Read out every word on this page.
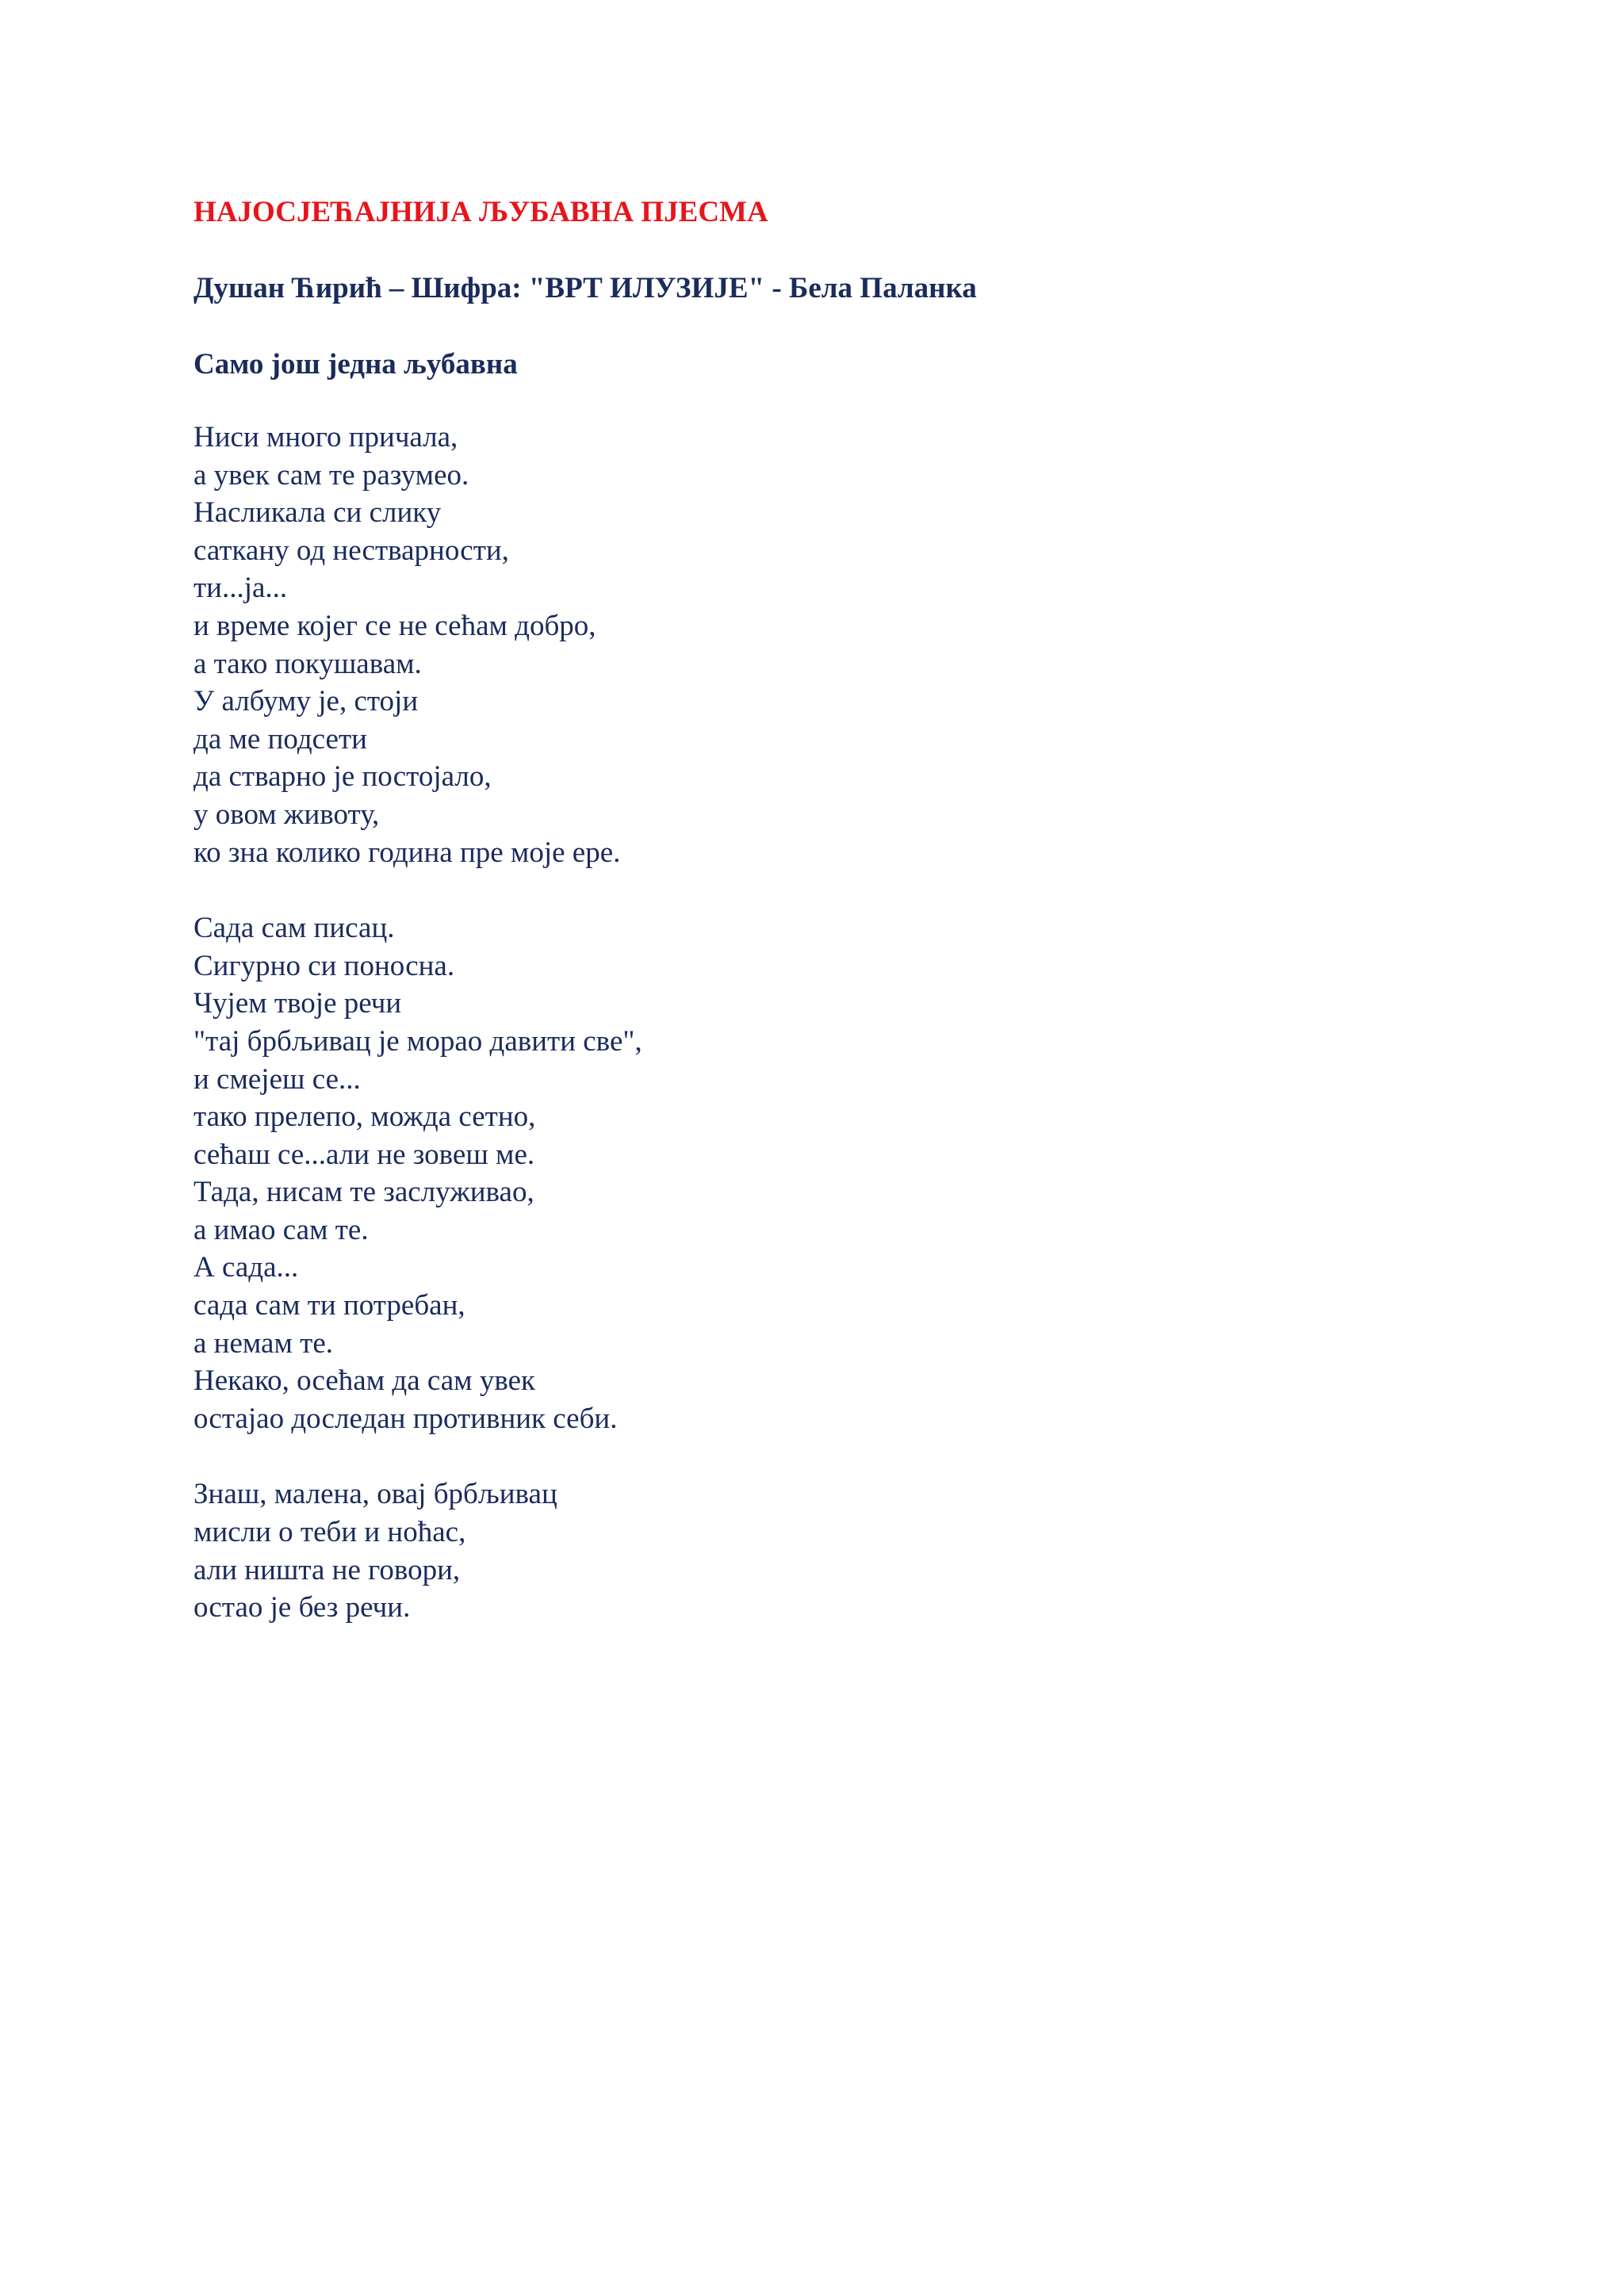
НАЈОСЈЕЋАЈНИЈА ЉУБАВНА ПЈЕСМА
Душан Ћирић – Шифра: "ВРТ ИЛУЗИЈЕ" - Бела Паланка
Само још једна љубавна
Ниси много причала,
а увек сам те разумео.
Насликала си слику
саткану од нестварности,
ти...ја...
и време којег се не сећам добро,
а тако покушавам.
У албуму је, стоји
да ме подсети
да стварно је постојало,
у овом животу,
ко зна колико година пре моје ере.
Сада сам писац.
Сигурно си поносна.
Чујем твоје речи
"тај брбљивац је морао давити све",
и смејеш се...
тако прелепо, можда сетно,
сећаш се...али не зовеш ме.
Тада, нисам те заслуживао,
а имао сам те.
А сада...
сада сам ти потребан,
а немам те.
Некако, осећам да сам увек
остајао доследан противник себи.
Знаш, малена, овај брбљивац
мисли о теби и ноћас,
али ништа не говори,
остао је без речи.
